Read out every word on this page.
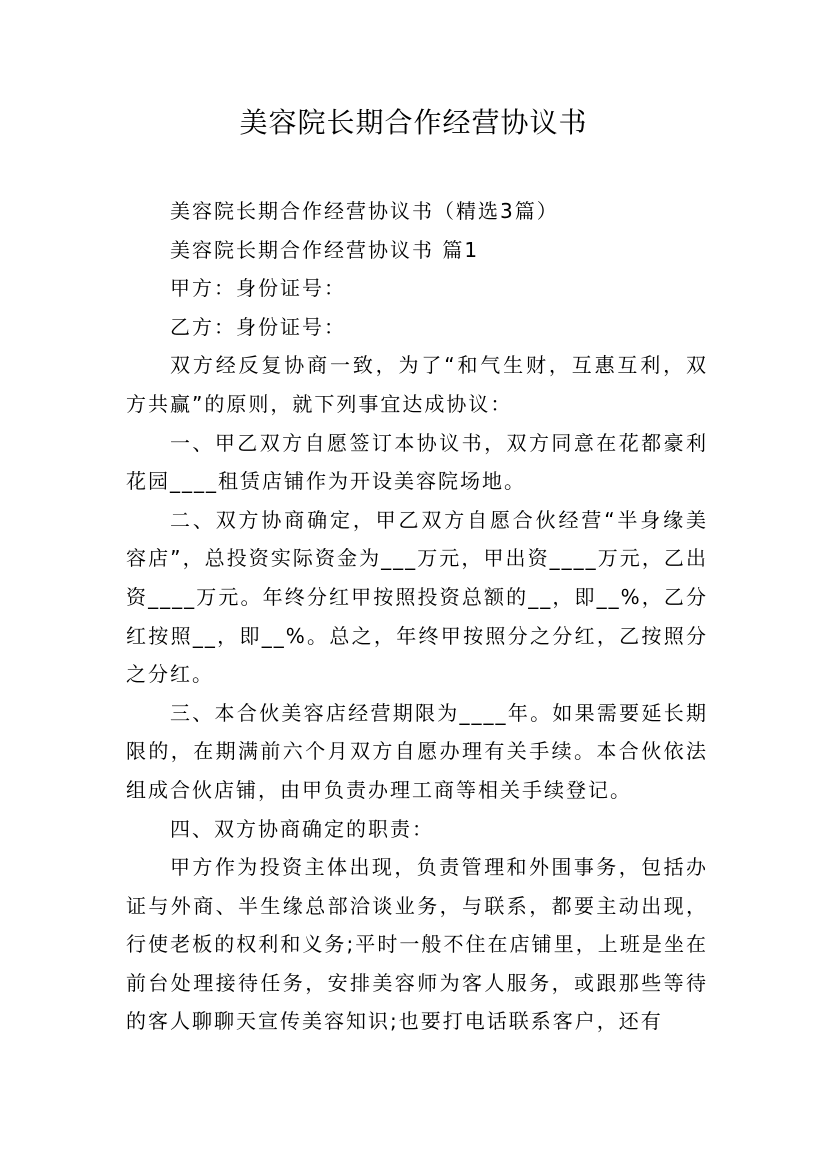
美容院长期合作经营协议书

美容院长期合作经营协议书（精选3篇）

美容院长期合作经营协议书 篇1

甲方：身份证号：

乙方：身份证号：

双方经反复协商一致，为了“和气生财，互惠互利，双方共赢”的原则，就下列事宜达成协议：

一、甲乙双方自愿签订本协议书，双方同意在花都豪利花园____租赁店铺作为开设美容院场地。

二、双方协商确定，甲乙双方自愿合伙经营“半身缘美容店”，总投资实际资金为___万元，甲出资____万元，乙出资____万元。年终分红甲按照投资总额的__，即__%，乙分红按照__，即__%。总之，年终甲按照分之分红，乙按照分之分红。

三、本合伙美容店经营期限为____年。如果需要延长期限的，在期满前六个月双方自愿办理有关手续。本合伙依法组成合伙店铺，由甲负责办理工商等相关手续登记。

四、双方协商确定的职责：

甲方作为投资主体出现，负责管理和外围事务，包括办证与外商、半生缘总部洽谈业务，与联系，都要主动出现，行使老板的权利和义务;平时一般不住在店铺里，上班是坐在前台处理接待任务，安排美容师为客人服务，或跟那些等待的客人聊聊天宣传美容知识;也要打电话联系客户，还有
